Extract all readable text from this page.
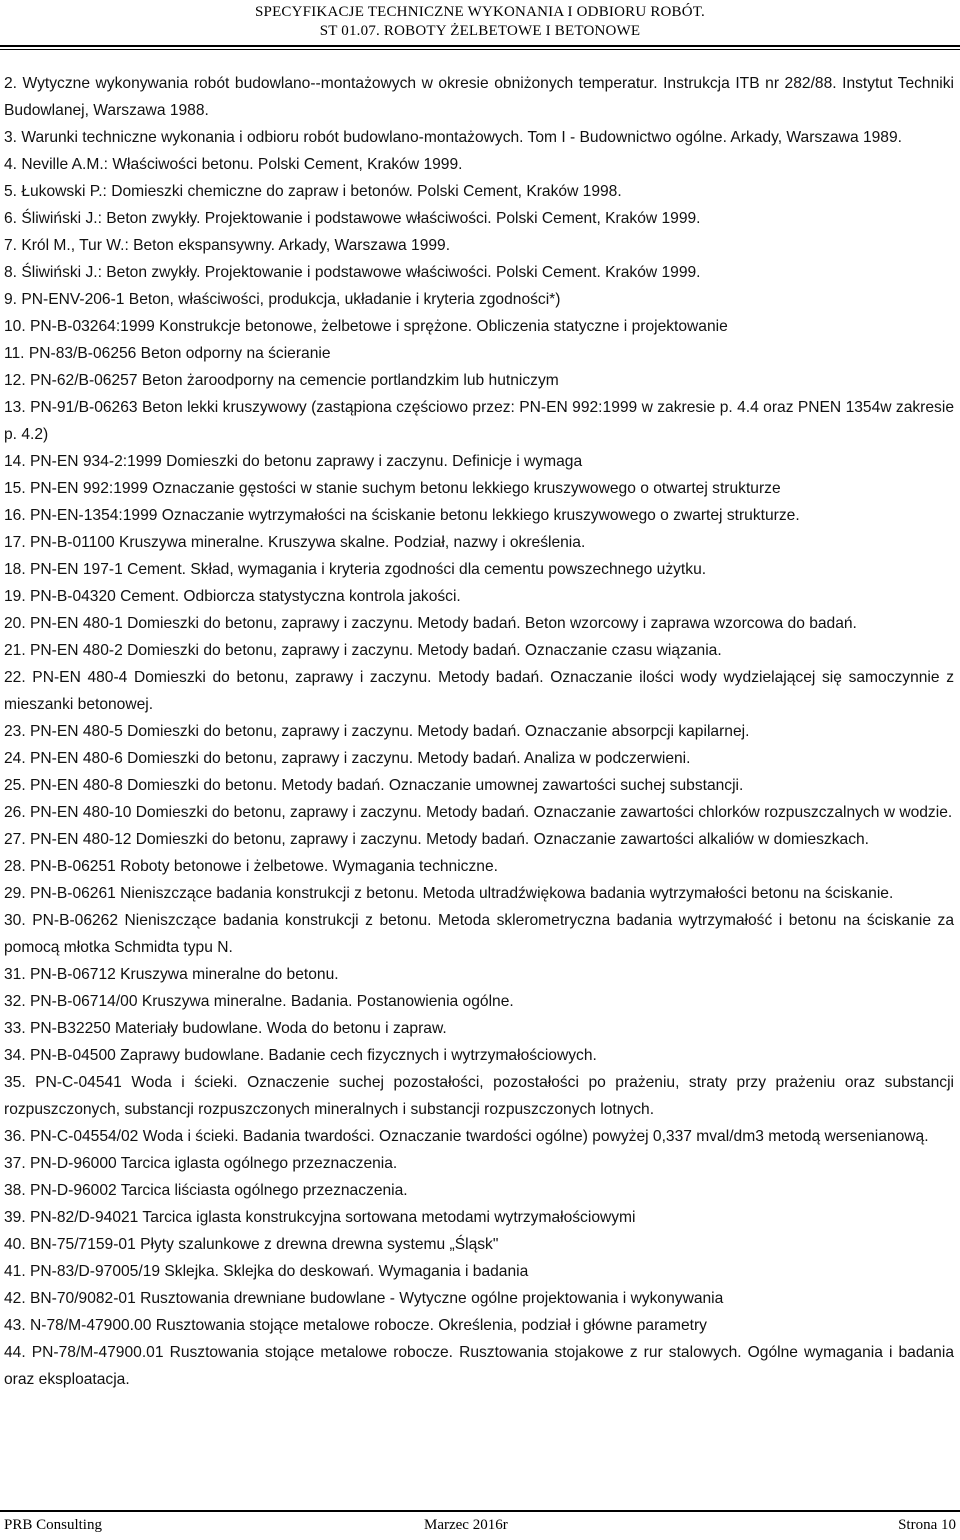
SPECYFIKACJE TECHNICZNE WYKONANIA I ODBIORU ROBÓT.
ST 01.07. ROBOTY ŻELBETOWE I BETONOWE

2. Wytyczne wykonywania robót budowlano--montażowych w okresie obniżonych temperatur. Instrukcja ITB nr 282/88. Instytut Techniki Budowlanej, Warszawa 1988.

3. Warunki techniczne wykonania i odbioru robót budowlano-montażowych. Tom I - Budownictwo ogólne. Arkady, Warszawa 1989.

4. Neville A.M.: Właściwości betonu. Polski Cement, Kraków 1999.

5. Łukowski P.: Domieszki chemiczne do zapraw i betonów. Polski Cement, Kraków 1998.

6. Śliwiński J.: Beton zwykły. Projektowanie i podstawowe właściwości. Polski Cement, Kraków 1999.

7. Król M., Tur W.: Beton ekspansywny. Arkady, Warszawa 1999.

8. Śliwiński J.: Beton zwykły. Projektowanie i podstawowe właściwości. Polski Cement. Kraków 1999.

9. PN-ENV-206-1 Beton, właściwości, produkcja, układanie i kryteria zgodności*)

10. PN-B-03264:1999 Konstrukcje betonowe, żelbetowe i sprężone. Obliczenia statyczne i projektowanie

11. PN-83/B-06256 Beton odporny na ścieranie

12. PN-62/B-06257 Beton żaroodporny na cemencie portlandzkim lub hutniczym

13. PN-91/B-06263 Beton lekki kruszywowy (zastąpiona częściowo przez: PN-EN 992:1999 w zakresie p. 4.4 oraz PNEN 1354w zakresie p. 4.2)

14. PN-EN 934-2:1999 Domieszki do betonu zaprawy i zaczynu. Definicje i wymaga

15. PN-EN 992:1999 Oznaczanie gęstości w stanie suchym betonu lekkiego kruszywowego o otwartej strukturze

16. PN-EN-1354:1999 Oznaczanie wytrzymałości na ściskanie betonu lekkiego kruszywowego o zwartej strukturze.

17. PN-B-01100 Kruszywa mineralne. Kruszywa skalne. Podział, nazwy i określenia.

18. PN-EN 197-1 Cement. Skład, wymagania i kryteria zgodności dla cementu powszechnego użytku.

19. PN-B-04320 Cement. Odbiorcza statystyczna kontrola jakości.

20. PN-EN 480-1 Domieszki do betonu, zaprawy i zaczynu. Metody badań. Beton wzorcowy i zaprawa wzorcowa do badań.

21. PN-EN 480-2 Domieszki do betonu, zaprawy i zaczynu. Metody badań. Oznaczanie czasu wiązania.

22. PN-EN 480-4 Domieszki do betonu, zaprawy i zaczynu. Metody badań. Oznaczanie ilości wody wydzielającej się samoczynnie z mieszanki betonowej.

23. PN-EN 480-5 Domieszki do betonu, zaprawy i zaczynu. Metody badań. Oznaczanie absorpcji kapilarnej.

24. PN-EN 480-6 Domieszki do betonu, zaprawy i zaczynu. Metody badań. Analiza w podczerwieni.

25. PN-EN 480-8 Domieszki do betonu. Metody badań. Oznaczanie umownej zawartości suchej substancji.

26. PN-EN 480-10 Domieszki do betonu, zaprawy i zaczynu. Metody badań. Oznaczanie zawartości chlorków rozpuszczalnych w wodzie.

27. PN-EN 480-12 Domieszki do betonu, zaprawy i zaczynu. Metody badań. Oznaczanie zawartości alkaliów w domieszkach.

28. PN-B-06251 Roboty betonowe i żelbetowe. Wymagania techniczne.

29. PN-B-06261 Nieniszczące badania konstrukcji z betonu. Metoda ultradźwiękowa badania wytrzymałości betonu na ściskanie.

30. PN-B-06262 Nieniszczące badania konstrukcji z betonu. Metoda sklerometryczna badania wytrzymałość i betonu na ściskanie za pomocą młotka Schmidta typu N.

31. PN-B-06712 Kruszywa mineralne do betonu.

32. PN-B-06714/00 Kruszywa mineralne. Badania. Postanowienia ogólne.

33. PN-B32250 Materiały budowlane. Woda do betonu i zapraw.

34. PN-B-04500 Zaprawy budowlane. Badanie cech fizycznych i wytrzymałościowych.

35. PN-C-04541 Woda i ścieki. Oznaczenie suchej pozostałości, pozostałości po prażeniu, straty przy prażeniu oraz substancji rozpuszczonych, substancji rozpuszczonych mineralnych i substancji rozpuszczonych lotnych.

36. PN-C-04554/02 Woda i ścieki. Badania twardości. Oznaczanie twardości ogólne) powyżej 0,337 mval/dm3 metodą wersenianową.

37. PN-D-96000 Tarcica iglasta ogólnego przeznaczenia.

38. PN-D-96002 Tarcica liściasta ogólnego przeznaczenia.

39. PN-82/D-94021 Tarcica iglasta konstrukcyjna sortowana metodami wytrzymałościowymi

40. BN-75/7159-01 Płyty szalunkowe z drewna drewna systemu „Śląsk"

41. PN-83/D-97005/19 Sklejka. Sklejka do deskowań. Wymagania i badania

42. BN-70/9082-01 Rusztowania drewniane budowlane - Wytyczne ogólne projektowania i wykonywania

43. N-78/M-47900.00 Rusztowania stojące metalowe robocze. Określenia, podział i główne parametry

44. PN-78/M-47900.01 Rusztowania stojące metalowe robocze. Rusztowania stojakowe z rur stalowych. Ogólne wymagania i badania oraz eksploatacja.

PRB Consulting	Marzec 2016r	Strona 10
